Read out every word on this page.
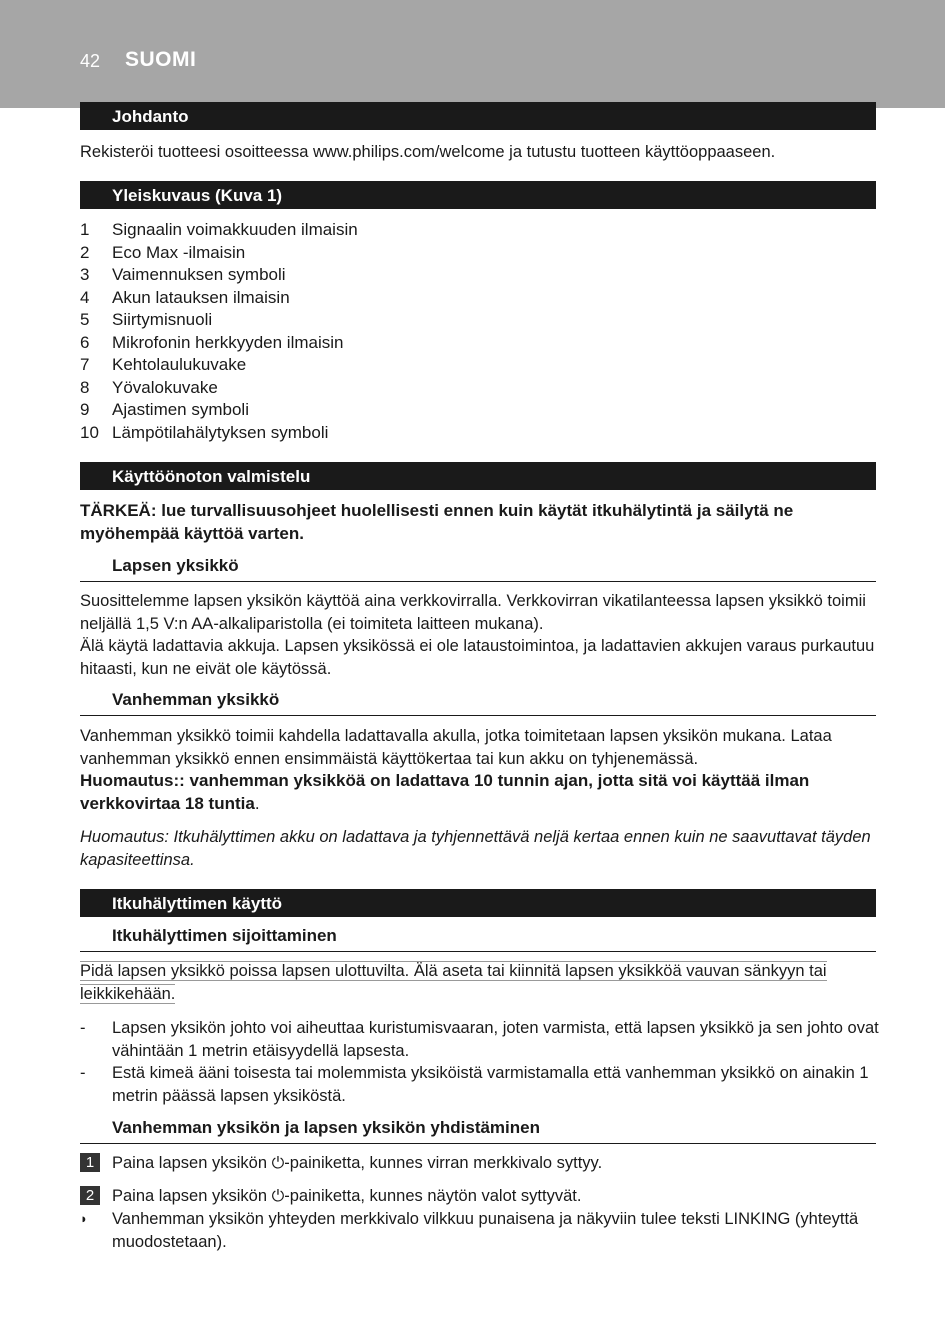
42 SUOMI
Johdanto
Rekisteröi tuotteesi osoitteessa www.philips.com/welcome ja tutustu tuotteen käyttöoppaaseen.
Yleiskuvaus (Kuva 1)
1	Signaalin voimakkuuden ilmaisin
2	Eco Max -ilmaisin
3	Vaimennuksen symboli
4	Akun latauksen ilmaisin
5	Siirtymisnuoli
6	Mikrofonin herkkyyden ilmaisin
7	Kehtolaulukuvake
8	Yövalokuvake
9	Ajastimen symboli
10 Lämpötilahälytyksen symboli
Käyttöönoton valmistelu
TÄRKEÄ: lue turvallisuusohjeet huolellisesti ennen kuin käytät itkuhälytintä ja säilytä ne myöhempää käyttöä varten.
Lapsen yksikkö
Suosittelemme lapsen yksikön käyttöä aina verkkovirralla. Verkkovirran vikatilanteessa lapsen yksikkö toimii neljällä 1,5 V:n AA-alkaliparistolla (ei toimiteta laitteen mukana).
Älä käytä ladattavia akkuja. Lapsen yksikössä ei ole lataustoimintoa, ja ladattavien akkujen varaus purkautuu hitaasti, kun ne eivät ole käytössä.
Vanhemman yksikkö
Vanhemman yksikkö toimii kahdella ladattavalla akulla, jotka toimitetaan lapsen yksikön mukana. Lataa vanhemman yksikkö ennen ensimmäistä käyttökertaa tai kun akku on tyhjenemässä.
Huomautus:: vanhemman yksikköä on ladattava 10 tunnin ajan, jotta sitä voi käyttää ilman verkkovirtaa 18 tuntia.
Huomautus: Itkuhälyttimen akku on ladattava ja tyhjennettävä neljä kertaa ennen kuin ne saavuttavat täyden kapasiteettinsa.
Itkuhälyttimen käyttö
Itkuhälyttimen sijoittaminen
Pidä lapsen yksikkö poissa lapsen ulottuvilta. Älä aseta tai kiinnitä lapsen yksikköä vauvan sänkyyn tai leikkikehään.
-	Lapsen yksikön johto voi aiheuttaa kuristumisvaaran, joten varmista, että lapsen yksikkö ja sen johto ovat vähintään 1 metrin etäisyydellä lapsesta.
-	Estä kimeä ääni toisesta tai molemmista yksiköistä varmistamalla että vanhemman yksikkö on ainakin 1 metrin päässä lapsen yksiköstä.
Vanhemman yksikön ja lapsen yksikön yhdistäminen
1	Paina lapsen yksikön ⏻-painiketta, kunnes virran merkkivalo syttyy.
2	Paina lapsen yksikön ⏻-painiketta, kunnes näytön valot syttyvät.
◗	Vanhemman yksikön yhteyden merkkivalo vilkkuu punaisena ja näkyviin tulee teksti LINKING (yhteyttä muodostetaan).
